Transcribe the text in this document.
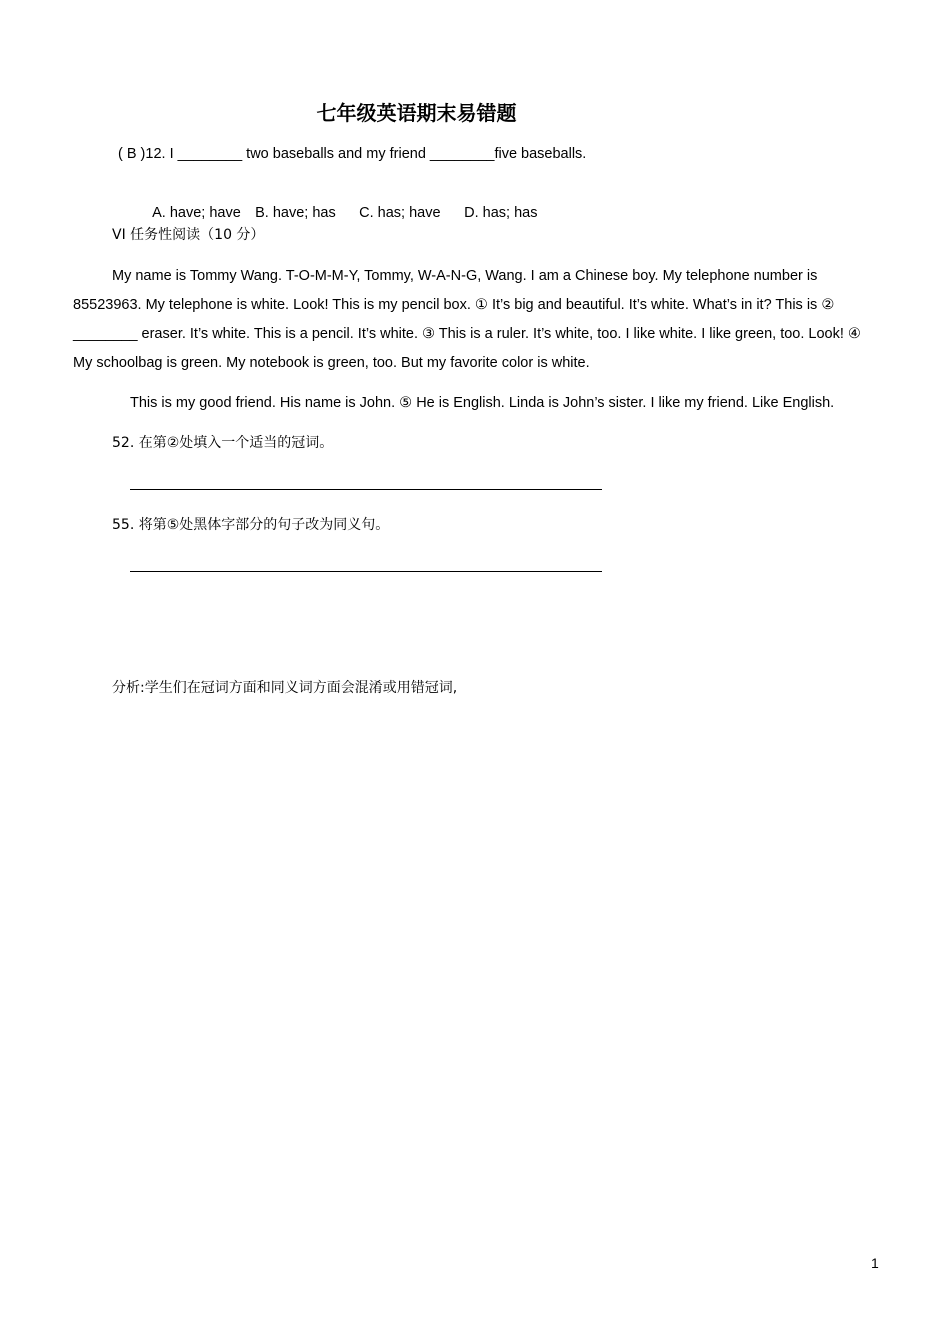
七年级英语期末易错题
( B )12. I ________ two baseballs and my friend ________five baseballs.

A. have; have B. have; has C. has; have D. has; has

VI 任务性阅读（10 分）
My name is Tommy Wang. T-O-M-M-Y, Tommy, W-A-N-G, Wang. I am a Chinese boy. My telephone number is
85523963. My telephone is white. Look! This is my pencil box. ① It’s big and beautiful. It’s white. What’s in it? This is ②
________ eraser. It’s white. This is a pencil. It’s white. ③ This is a ruler. It’s white, too. I like white. I like green, too. Look! ④
My schoolbag is green. My notebook is green, too. But my favorite color is white.
This is my good friend. His name is John. ⑤ He is English. Linda is John’s sister. I like my friend. Like English.
52. 在第②处填入一个适当的冠词。
55. 将第⑤处黑体字部分的句子改为同义句。
分析:学生们在冠词方面和同义词方面会混淆或用错冠词,
1
